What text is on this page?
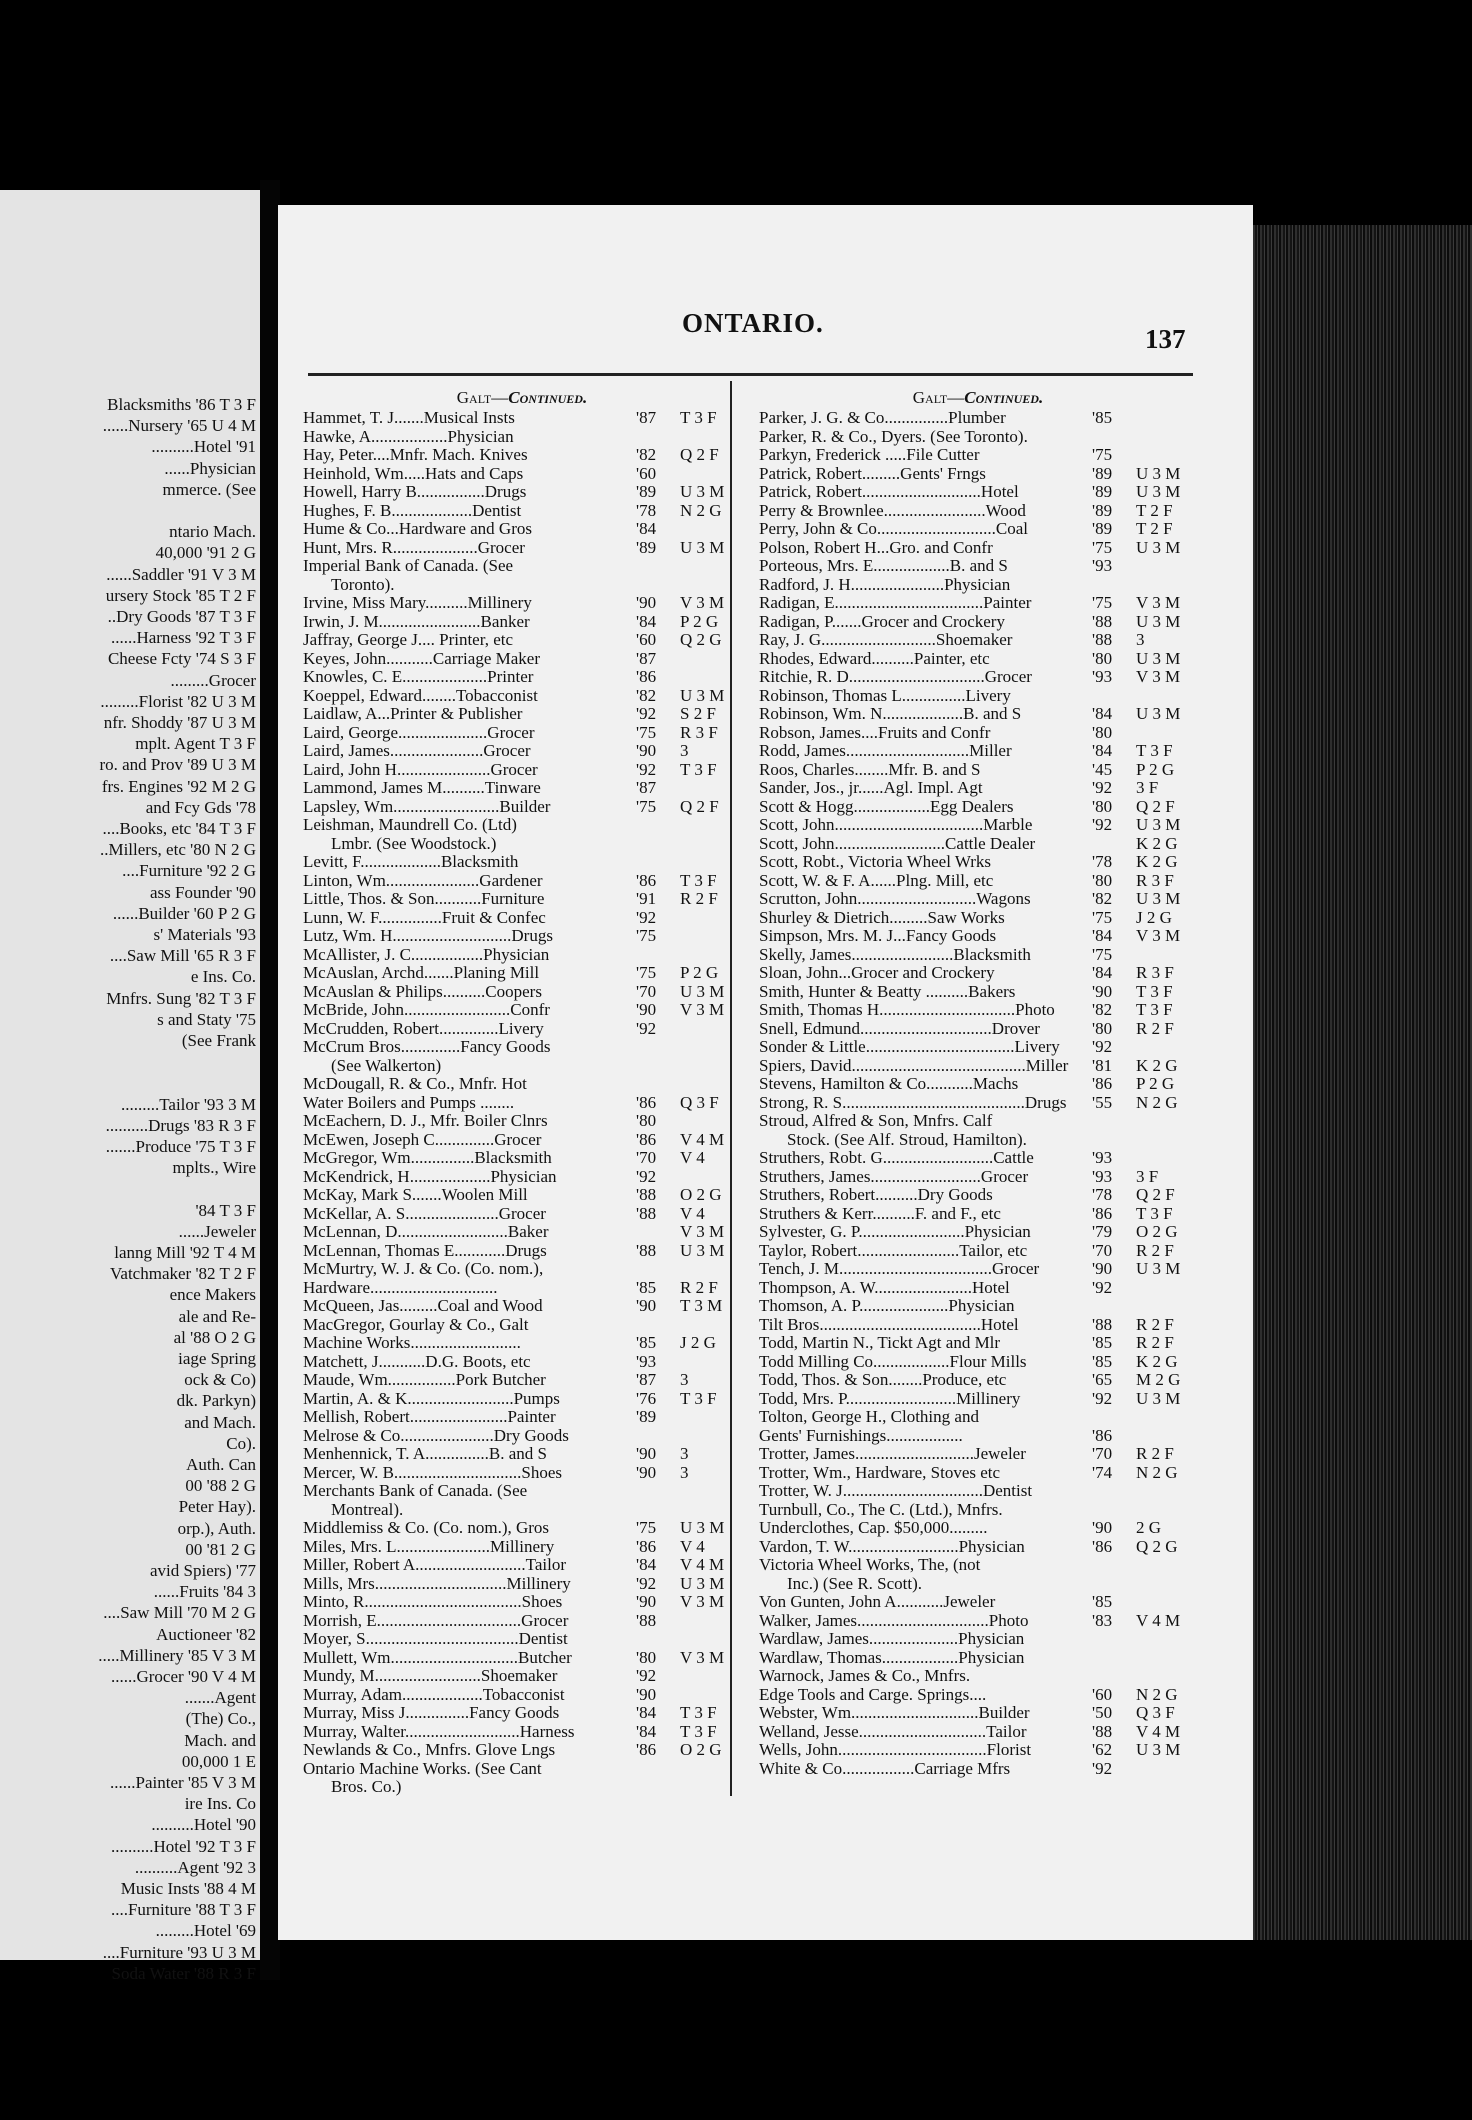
Blacksmiths '86 T 3 F
......Nursery '65 U 4 M
..........Hotel '91
......Physician
mmerce. (See
ntario Mach.
40,000 '91 2 G
......Saddler '91 V 3 M
ursery Stock '85 T 2 F
..Dry Goods '87 T 3 F
......Harness '92 T 3 F
Cheese Fcty '74 S 3 F
.........Grocer
.........Florist '82 U 3 M
nfr. Shoddy '87 U 3 M
mplt. Agent T 3 F
ro. and Prov '89 U 3 M
frs. Engines '92 M 2 G
and Fcy Gds '78
....Books, etc '84 T 3 F
..Millers, etc '80 N 2 G
....Furniture '92 2 G
ass Founder '90
......Builder '60 P 2 G
s' Materials '93
....Saw Mill '65 R 3 F
e Ins. Co.
Mnfrs. Sung '82 T 3 F
s and Staty '75
(See Frank
.........Tailor '93 3 M
..........Drugs '83 R 3 F
.......Produce '75 T 3 F
mplts., Wire
'84 T 3 F
......Jeweler
lanng Mill '92 T 4 M
Vatchmaker '82 T 2 F
ence Makers
ale and Re-
al '88 O 2 G
iage Spring
ock & Co)
dk. Parkyn)
and Mach.
Co).
Auth. Can
00 '88 2 G
Peter Hay).
orp.), Auth.
00 '81 2 G
avid Spiers) '77
......Fruits '84 3
....Saw Mill '70 M 2 G
Auctioneer '82
.....Millinery '85 V 3 M
......Grocer '90 V 4 M
.......Agent
(The) Co.,
Mach. and
00,000 1 E
......Painter '85 V 3 M
ire Ins. Co
..........Hotel '90
..........Hotel '92 T 3 F
..........Agent '92 3
Music Insts '88 4 M
....Furniture '88 T 3 F
.........Hotel '69
....Furniture '93 U 3 M
Soda Water '88 R 3 F
ONTARIO.
137
Galt—Continued.
Hammet, T. J.......Musical Insts	'87 T 3 F
Hawke, A..................Physician
Hay, Peter....Mnfr. Mach. Knives	'82 Q 2 F
Heinhold, Wm.....Hats and Caps	'60
Howell, Harry B................Drugs	'89 U 3 M
Hughes, F. B...................Dentist	'78 N 2 G
Hume & Co...Hardware and Gros	'84
Hunt, Mrs. R....................Grocer	'89 U 3 M
Imperial Bank of Canada. (See
Toronto).
Irvine, Miss Mary..........Millinery	'90 V 3 M
Irwin, J. M........................Banker	'84 P 2 G
Jaffray, George J.... Printer, etc	'60 Q 2 G
Keyes, John...........Carriage Maker	'87
Knowles, C. E....................Printer	'86
Koeppel, Edward........Tobacconist	'82 U 3 M
Laidlaw, A...Printer & Publisher	'92 S 2 F
Laird, George.....................Grocer	'75 R 3 F
Laird, James......................Grocer	'90 3
Laird, John H......................Grocer	'92 T 3 F
Lammond, James M..........Tinware	'87
Lapsley, Wm.........................Builder	'75 Q 2 F
Leishman, Maundrell Co. (Ltd)
Lmbr. (See Woodstock.)
Levitt, F...................Blacksmith
Linton, Wm......................Gardener	'86 T 3 F
Little, Thos. & Son...........Furniture	'91 R 2 F
Lunn, W. F...............Fruit & Confec	'92
Lutz, Wm. H............................Drugs	'75
McAllister, J. C.................Physician
McAuslan, Archd.......Planing Mill	'75 P 2 G
McAuslan & Philips..........Coopers	'70 U 3 M
McBride, John.........................Confr	'90 V 3 M
McCrudden, Robert..............Livery	'92
McCrum Bros..............Fancy Goods
(See Walkerton)
McDougall, R. & Co., Mnfr. Hot
Water Boilers and Pumps ........	'86 Q 3 F
McEachern, D. J., Mfr. Boiler Clnrs	'80
McEwen, Joseph C..............Grocer	'86 V 4 M
McGregor, Wm...............Blacksmith	'70 V 4
McKendrick, H...................Physician	'92
McKay, Mark S.......Woolen Mill	'88 O 2 G
McKellar, A. S......................Grocer	'88 V 4
McLennan, D..........................Baker	V 3 M
McLennan, Thomas E............Drugs	'88 U 3 M
McMurtry, W. J. & Co. (Co. nom.),
Hardware..............................	'85 R 2 F
McQueen, Jas.........Coal and Wood	'90 T 3 M
MacGregor, Gourlay & Co., Galt
Machine Works..........................	'85 J 2 G
Matchett, J...........D.G. Boots, etc	'93
Maude, Wm................Pork Butcher	'87 3
Martin, A. & K.........................Pumps	'76 T 3 F
Mellish, Robert.......................Painter	'89
Melrose & Co......................Dry Goods
Menhennick, T. A...............B. and S	'90 3
Mercer, W. B..............................Shoes	'90 3
Merchants Bank of Canada. (See
Montreal).
Middlemiss & Co. (Co. nom.), Gros	'75 U 3 M
Miles, Mrs. L......................Millinery	'86 V 4
Miller, Robert A..........................Tailor	'84 V 4 M
Mills, Mrs...............................Millinery	'92 U 3 M
Minto, R.....................................Shoes	'90 V 3 M
Morrish, E..................................Grocer	'88
Moyer, S....................................Dentist
Mullett, Wm..............................Butcher	'80 V 3 M
Mundy, M.........................Shoemaker	'92
Murray, Adam...................Tobacconist	'90
Murray, Miss J...............Fancy Goods	'84 T 3 F
Murray, Walter...........................Harness	'84 T 3 F
Newlands & Co., Mnfrs. Glove Lngs	'86 O 2 G
Ontario Machine Works. (See Cant
Bros. Co.)
Galt—Continued.
Parker, J. G. & Co...............Plumber	'85
Parker, R. & Co., Dyers. (See Toronto).
Parkyn, Frederick .....File Cutter	'75
Patrick, Robert.........Gents' Frngs	'89 U 3 M
Patrick, Robert............................Hotel	'89 U 3 M
Perry & Brownlee........................Wood	'89 T 2 F
Perry, John & Co............................Coal	'89 T 2 F
Polson, Robert H...Gro. and Confr	'75 U 3 M
Porteous, Mrs. E..................B. and S	'93
Radford, J. H......................Physician
Radigan, E...................................Painter	'75 V 3 M
Radigan, P.......Grocer and Crockery	'88 U 3 M
Ray, J. G...........................Shoemaker	'88 3
Rhodes, Edward..........Painter, etc	'80 U 3 M
Ritchie, R. D................................Grocer	'93 V 3 M
Robinson, Thomas L...............Livery
Robinson, Wm. N...................B. and S	'84 U 3 M
Robson, James....Fruits and Confr	'80
Rodd, James.............................Miller	'84 T 3 F
Roos, Charles........Mfr. B. and S	'45 P 2 G
Sander, Jos., jr......Agl. Impl. Agt	'92 3 F
Scott & Hogg..................Egg Dealers	'80 Q 2 F
Scott, John...................................Marble	'92 U 3 M
Scott, John..........................Cattle Dealer	K 2 G
Scott, Robt., Victoria Wheel Wrks	'78 K 2 G
Scott, W. & F. A......Plng. Mill, etc	'80 R 3 F
Scrutton, John............................Wagons	'82 U 3 M
Shurley & Dietrich.........Saw Works	'75 J 2 G
Simpson, Mrs. M. J...Fancy Goods	'84 V 3 M
Skelly, James........................Blacksmith	'75
Sloan, John...Grocer and Crockery	'84 R 3 F
Smith, Hunter & Beatty ..........Bakers	'90 T 3 F
Smith, Thomas H................................Photo '82 T 3 F
Snell, Edmund...............................Drover	'80 R 2 F
Sonder & Little...................................Livery '92
Spiers, David.........................................Miller '81 K 2 G
Stevens, Hamilton & Co...........Machs	'86 P 2 G
Strong, R. S...........................................Drugs '55 N 2 G
Stroud, Alfred & Son, Mnfrs. Calf
Stock. (See Alf. Stroud, Hamilton).
Struthers, Robt. G..........................Cattle	'93
Struthers, James..........................Grocer	'93 3 F
Struthers, Robert..........Dry Goods	'78 Q 2 F
Struthers & Kerr..........F. and F., etc	'86 T 3 F
Sylvester, G. P.........................Physician	'79 O 2 G
Taylor, Robert........................Tailor, etc	'70 R 2 F
Tench, J. M....................................Grocer	'90 U 3 M
Thompson, A. W.......................Hotel	'92
Thomson, A. P.....................Physician
Tilt Bros......................................Hotel	'88 R 2 F
Todd, Martin N., Tickt Agt and Mlr	'85 R 2 F
Todd Milling Co..................Flour Mills	'85 K 2 G
Todd, Thos. & Son........Produce, etc	'65 M 2 G
Todd, Mrs. P..........................Millinery	'92 U 3 M
Tolton, George H., Clothing and
Gents' Furnishings..................	'86
Trotter, James............................Jeweler	'70 R 2 F
Trotter, Wm., Hardware, Stoves etc	'74 N 2 G
Trotter, W. J.................................Dentist
Turnbull, Co., The C. (Ltd.), Mnfrs.
Underclothes, Cap. $50,000.........	'90 2 G
Vardon, T. W..........................Physician	'86 Q 2 G
Victoria Wheel Works, The, (not
Inc.) (See R. Scott).
Von Gunten, John A...........Jeweler	'85
Walker, James...............................Photo	'83 V 4 M
Wardlaw, James.....................Physician
Wardlaw, Thomas..................Physician
Warnock, James & Co., Mnfrs.
Edge Tools and Carge. Springs....	'60 N 2 G
Webster, Wm..............................Builder	'50 Q 3 F
Welland, Jesse..............................Tailor	'88 V 4 M
Wells, John...................................Florist	'62 U 3 M
White & Co.................Carriage Mfrs	'92
